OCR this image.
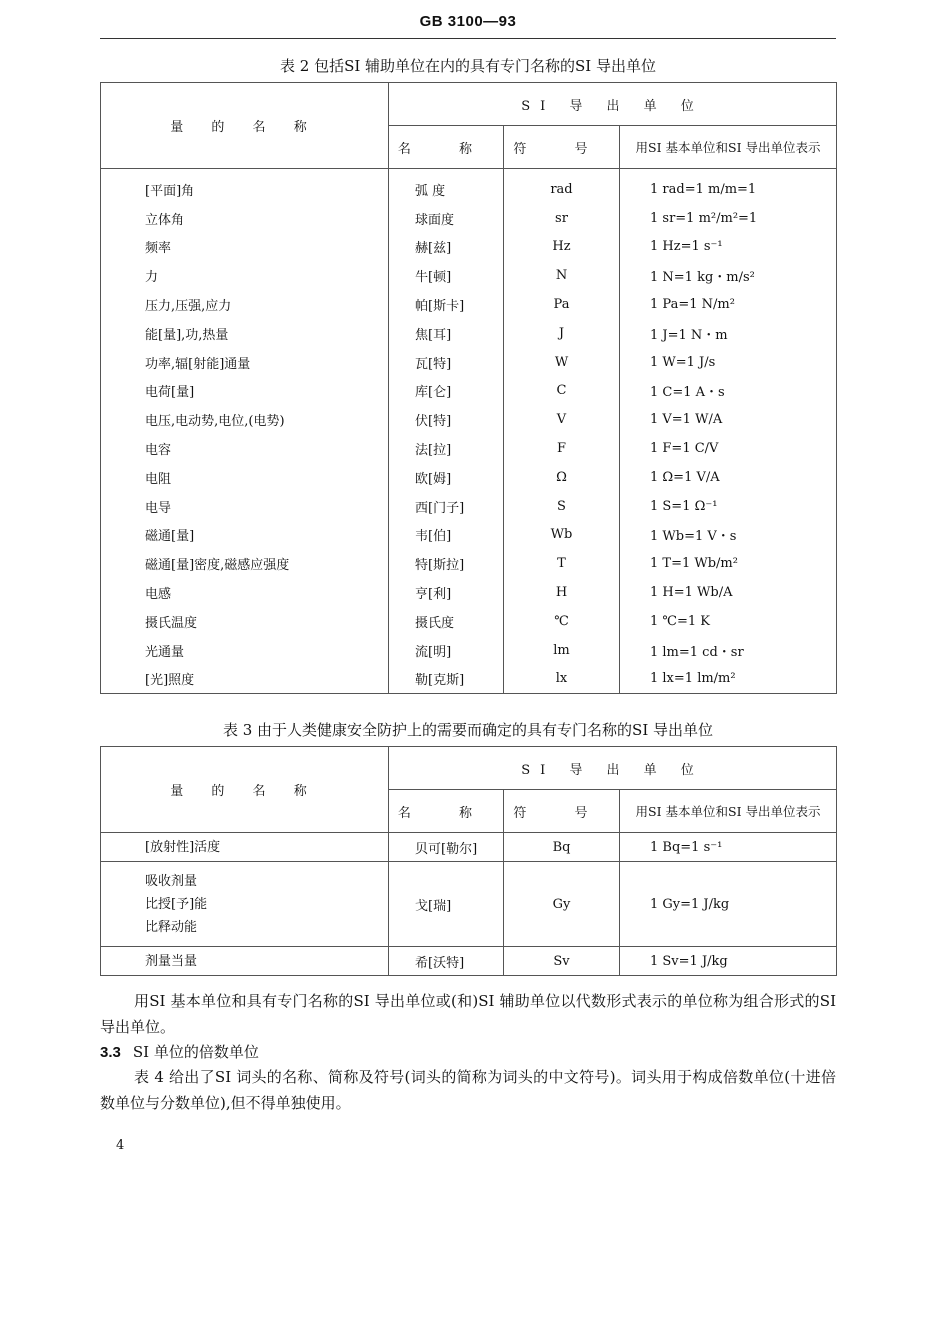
GB 3100—93
表 2 包括SI 辅助单位在内的具有专门名称的SI 导出单位
量 的 名 称	SI 导 出 单 位		
	名 称	符 号	用SI 基本单位和SI 导出单位表示
[平面]角	弧 度	rad	1 rad=1 m/m=1
立体角	球面度	sr	1 sr=1 m²/m²=1
频率	赫[兹]	Hz	1 Hz=1 s⁻¹
力	牛[顿]	N	1 N=1 kg・m/s²
压力,压强,应力	帕[斯卡]	Pa	1 Pa=1 N/m²
能[量],功,热量	焦[耳]	J	1 J=1 N・m
功率,辐[射能]通量	瓦[特]	W	1 W=1 J/s
电荷[量]	库[仑]	C	1 C=1 A・s
电压,电动势,电位,(电势)	伏[特]	V	1 V=1 W/A
电容	法[拉]	F	1 F=1 C/V
电阻	欧[姆]	Ω	1 Ω=1 V/A
电导	西[门子]	S	1 S=1 Ω⁻¹
磁通[量]	韦[伯]	Wb	1 Wb=1 V・s
磁通[量]密度,磁感应强度	特[斯拉]	T	1 T=1 Wb/m²
电感	亨[利]	H	1 H=1 Wb/A
摄氏温度	摄氏度	℃	1 ℃=1 K
光通量	流[明]	lm	1 lm=1 cd・sr
[光]照度	勒[克斯]	lx	1 lx=1 lm/m²
表 3 由于人类健康安全防护上的需要而确定的具有专门名称的SI 导出单位
量 的 名 称	SI 导 出 单 位		
	名 称	符 号	用SI 基本单位和SI 导出单位表示

[放射性]活度	贝可[勒尔]	Bq	1 Bq=1 s⁻¹

吸收剂量
比授[予]能
比释动能	戈[瑞]	Gy	1 Gy=1 J/kg

剂量当量	希[沃特]	Sv	1 Sv=1 J/kg
用SI 基本单位和具有专门名称的SI 导出单位或(和)SI 辅助单位以代数形式表示的单位称为组合形式的SI 导出单位。
3.3 SI 单位的倍数单位
表 4 给出了SI 词头的名称、简称及符号(词头的简称为词头的中文符号)。词头用于构成倍数单位(十进倍数单位与分数单位),但不得单独使用。
4
